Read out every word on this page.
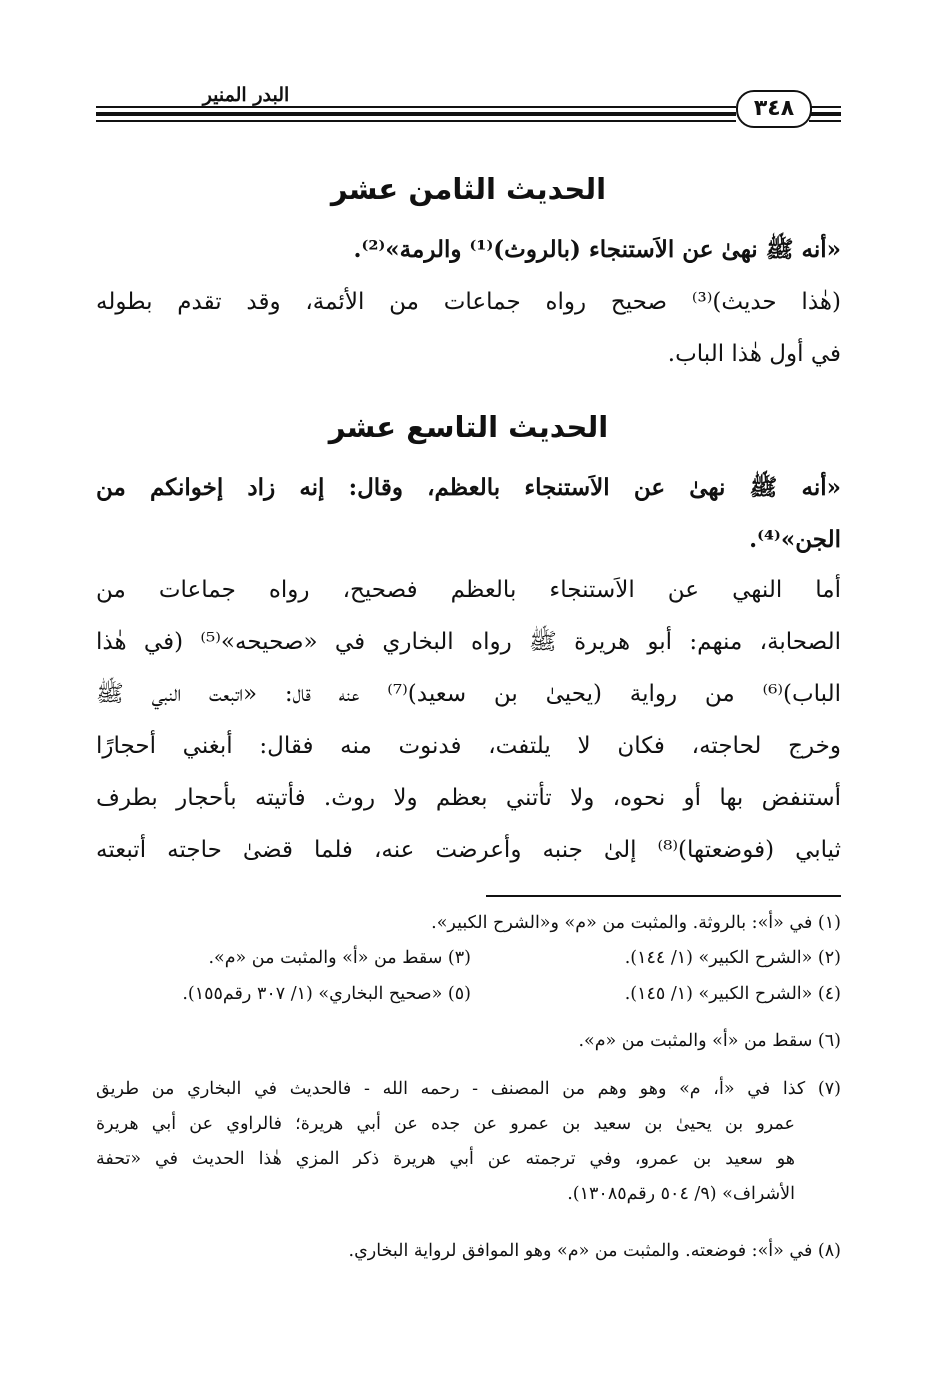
البدر المنير
٣٤٨
الحديث الثامن عشر
«أنه ﷺ نهىٰ عن الاَستنجاء (بالروث)⁽¹⁾ والرمة»⁽²⁾.
(هٰذا حديث)⁽³⁾ صحيح رواه جماعات من الأئمة، وقد تقدم بطوله
في أول هٰذا الباب.
الحديث التاسع عشر
«أنه ﷺ نهىٰ عن الاَستنجاء بالعظم، وقال: إنه زاد إخوانكم من
الجن»⁽⁴⁾.
أما النهي عن الاَستنجاء بالعظم فصحيح، رواه جماعات من
الصحابة، منهم: أبو هريرة ﷺ رواه البخاري في «صحيحه»⁽⁵⁾ (في هٰذا
الباب)⁽⁶⁾ من رواية (يحيىٰ بن سعيد)⁽⁷⁾ عنه قال: «اتبعت النبي ﷺ
وخرج لحاجته، فكان لا يلتفت، فدنوت منه فقال: أبغني أحجارًا
أستنفض بها أو نحوه، ولا تأتني بعظم ولا روث. فأتيته بأحجار بطرف
ثيابي (فوضعتها)⁽⁸⁾ إلىٰ جنبه وأعرضت عنه، فلما قضىٰ حاجته أتبعته
(١) في «أ»: بالروثة. والمثبت من «م» و«الشرح الكبير».
(٢) «الشرح الكبير» (١/ ١٤٤).
(٣) سقط من «أ» والمثبت من «م».
(٤) «الشرح الكبير» (١/ ١٤٥).
(٥) «صحيح البخاري» (١/ ٣٠٧ رقم١٥٥).
(٦) سقط من «أ» والمثبت من «م».
(٧) كذا في «أ، م» وهو وهم من المصنف - رحمه الله - فالحديث في البخاري من طريق
عمرو بن يحيىٰ بن سعيد بن عمرو عن جده عن أبي هريرة؛ فالراوي عن أبي هريرة
هو سعيد بن عمرو، وفي ترجمته عن أبي هريرة ذكر المزي هٰذا الحديث في «تحفة
الأشراف» (٩/ ٥٠٤ رقم١٣٠٨٥).
(٨) في «أ»: فوضعته. والمثبت من «م» وهو الموافق لرواية البخاري.
